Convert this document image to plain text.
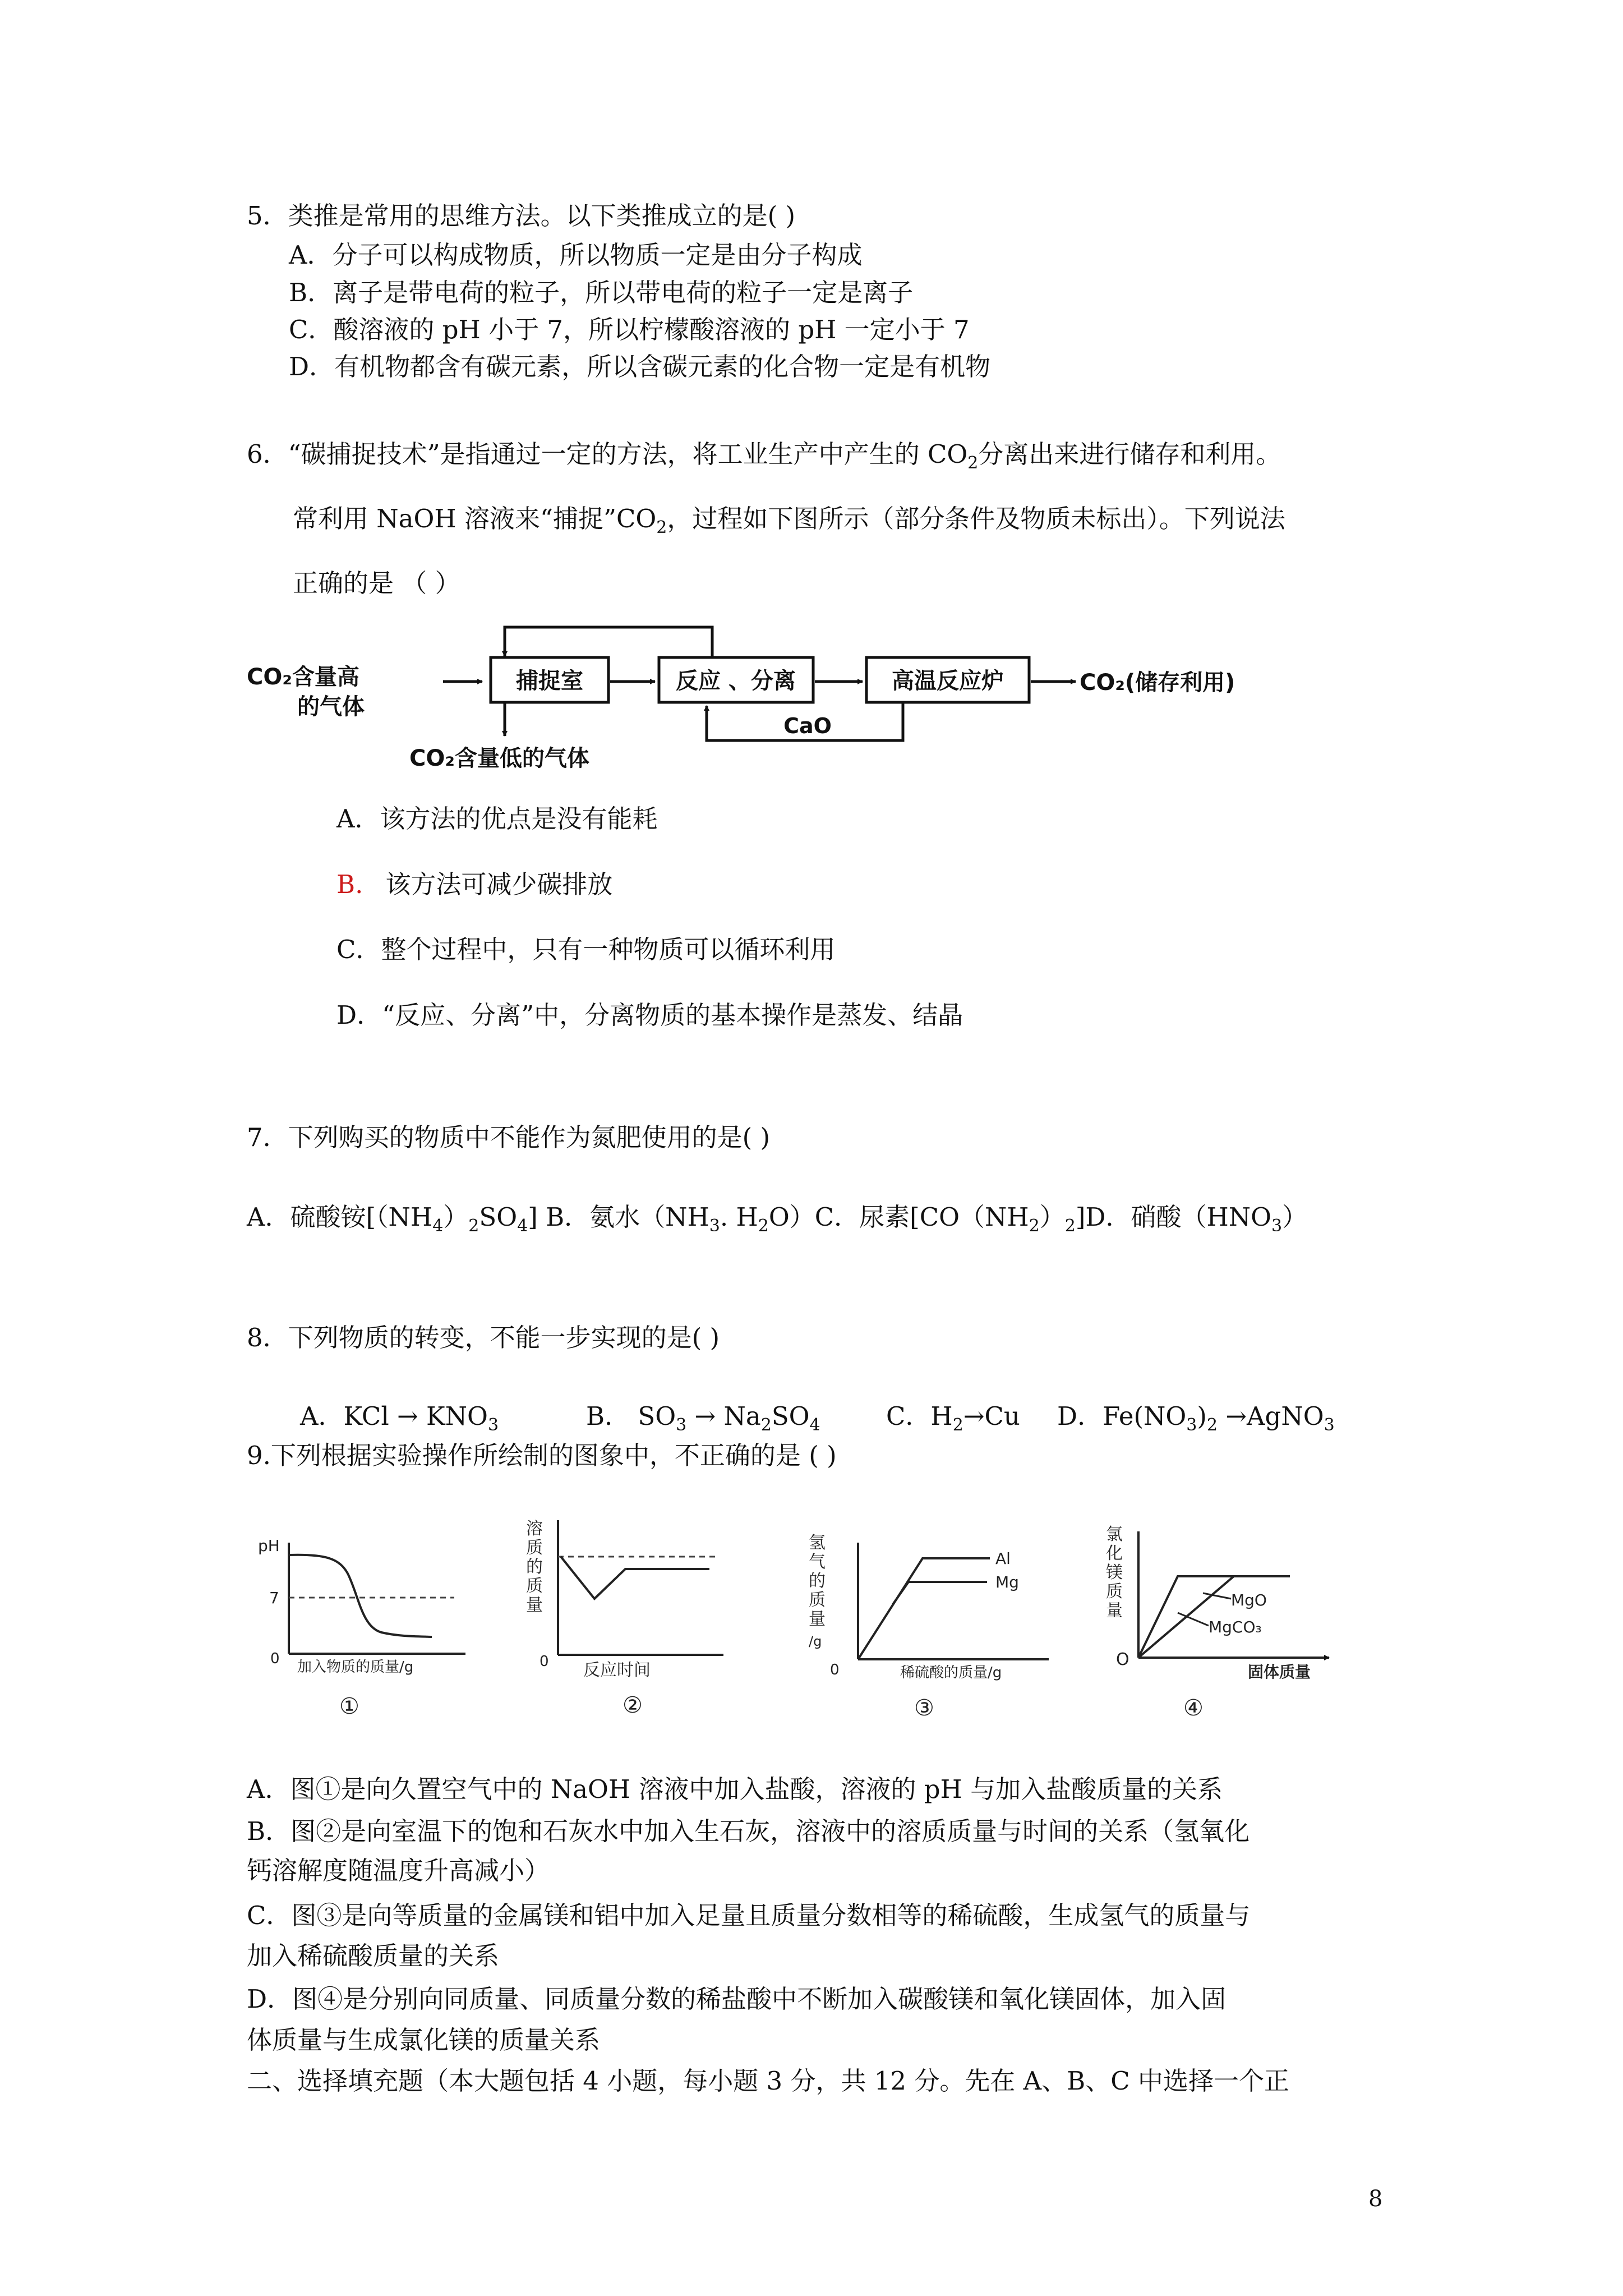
5．类推是常用的思维方法。以下类推成立的是( )
A．分子可以构成物质，所以物质一定是由分子构成
B．离子是带电荷的粒子，所以带电荷的粒子一定是离子
C．酸溶液的 pH 小于 7，所以柠檬酸溶液的 pH 一定小于 7
D．有机物都含有碳元素，所以含碳元素的化合物一定是有机物
6．“碳捕捉技术”是指通过一定的方法，将工业生产中产生的 $CO_2$分离出来进行储存和利用。
常利用 NaOH 溶液来“捕捉$”CO_2$，过程如下图所示（部分条件及物质未标出）。下列说法
正确的是 （ ）
CO₂含量高
的气体
捕捉室	反应 、分离	高温反应炉	CO₂(储存利用)
CaO
CO₂含量低的气体
A．该方法的优点是没有能耗
B. 该方法可减少碳排放
C．整个过程中，只有一种物质可以循环利用
D．“反应、分离”中，分离物质的基本操作是蒸发、结晶
7．下列购买的物质中不能作为氮肥使用的是( )
A．硫酸铵$[(NH_4)_2SO_4]$ B．氨水（$NH_3$. $H_2O)C$．尿素$[CO(NH_2)_2]D$．硝酸$(HNO_3)$
8．下列物质的转变，不能一步实现的是( )
A．KCl → $KNO_3$	B． $SO_3 \to Na_2SO_4$	C．$H_2\to Cu$ D．$Fe(NO_3)_2$ →AgNO$_3$
9.下列根据实验操作所绘制的图象中，不正确的是 ( )
pH
7
0 加入物质的质量/g
①
溶
质
的
质
量
0 反应时间
②
氢
气
的
质
量
/g
Al
Mg
0	稀硫酸的质量/g
③
氯
化
镁
质
量
MgO
MgCO₃
O
固体质量
④
A．图①是向久置空气中的 NaOH 溶液中加入盐酸，溶液的 pH 与加入盐酸质量的关系
B．图②是向室温下的饱和石灰水中加入生石灰，溶液中的溶质质量与时间的关系（氢氧化
钙溶解度随温度升高减小）
C．图③是向等质量的金属镁和铝中加入足量且质量分数相等的稀硫酸，生成氢气的质量与
加入稀硫酸质量的关系
D．图④是分别向同质量、同质量分数的稀盐酸中不断加入碳酸镁和氧化镁固体，加入固
体质量与生成氯化镁的质量关系
二、选择填充题（本大题包括 4 小题，每小题 3 分，共 12 分。先在 A、B、C 中选择一个正
8
